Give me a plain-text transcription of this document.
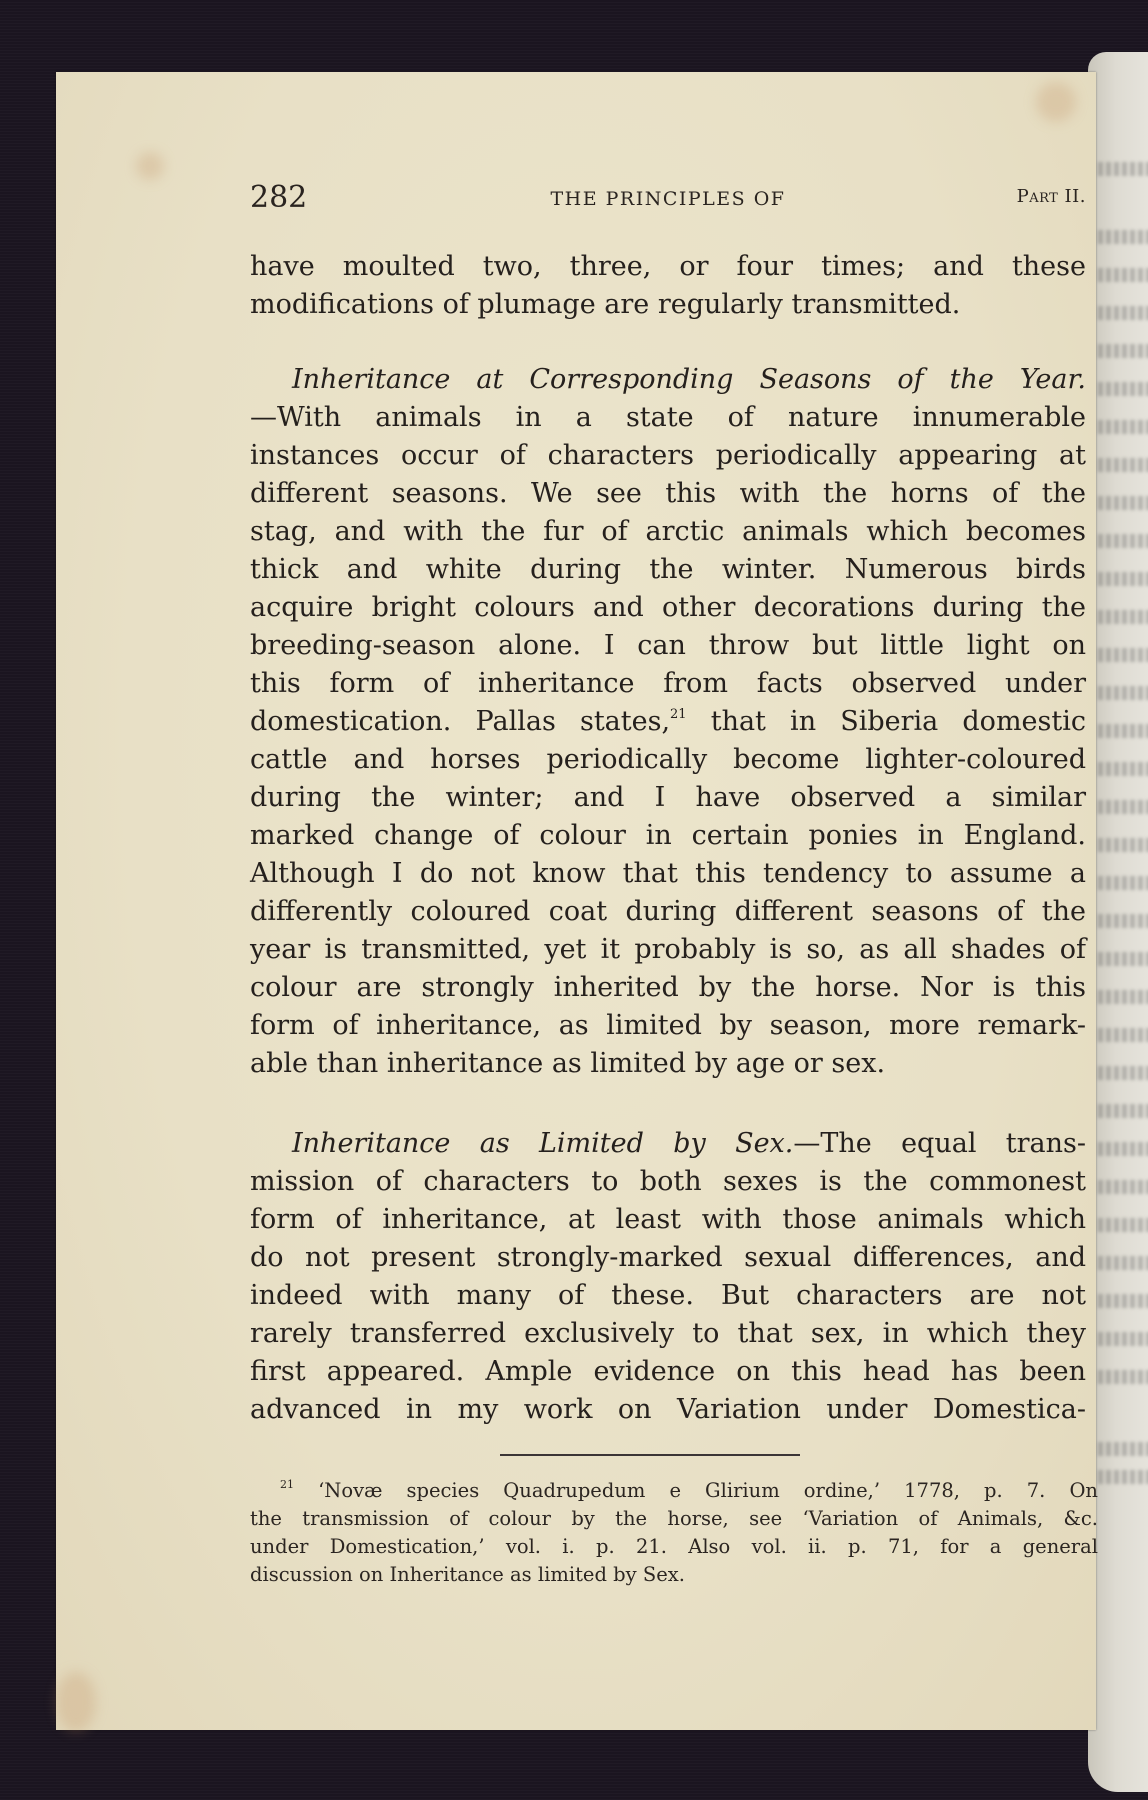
282	THE PRINCIPLES OF	Part II.
have moulted two, three, or four times; and these
modifications of plumage are regularly transmitted.
Inheritance at Corresponding Seasons of the Year.
—With animals in a state of nature innumerable
instances occur of characters periodically appearing at
different seasons. We see this with the horns of the
stag, and with the fur of arctic animals which becomes
thick and white during the winter. Numerous birds
acquire bright colours and other decorations during the
breeding-season alone. I can throw but little light on
this form of inheritance from facts observed under
domestication. Pallas states,$^{21}$ that in Siberia domestic
cattle and horses periodically become lighter-coloured
during the winter; and I have observed a similar
marked change of colour in certain ponies in England.
Although I do not know that this tendency to assume a
differently coloured coat during different seasons of the
year is transmitted, yet it probably is so, as all shades of
colour are strongly inherited by the horse. Nor is this
form of inheritance, as limited by season, more remark-
able than inheritance as limited by age or sex.
Inheritance as Limited by Sex.—The equal trans-
mission of characters to both sexes is the commonest
form of inheritance, at least with those animals which
do not present strongly-marked sexual differences, and
indeed with many of these. But characters are not
rarely transferred exclusively to that sex, in which they
first appeared. Ample evidence on this head has been
advanced in my work on Variation under Domestica-
$^{21}$ ‘Novæ species Quadrupedum e Glirium ordine,’ 1778, p. 7. On
the transmission of colour by the horse, see ‘Variation of Animals, &c.
under Domestication,’ vol. i. p. 21. Also vol. ii. p. 71, for a general
discussion on Inheritance as limited by Sex.
